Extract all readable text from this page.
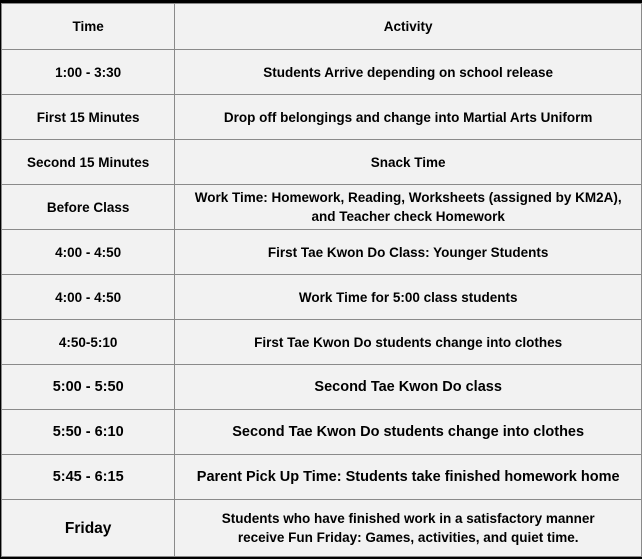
Time	Activity
1:00 - 3:30	Students Arrive depending on school release
First 15 Minutes	Drop off belongings and change into Martial Arts Uniform
Second 15 Minutes	Snack Time
Before Class	Work Time: Homework, Reading, Worksheets (assigned by KM2A),
and Teacher check Homework
4:00 - 4:50	First Tae Kwon Do Class: Younger Students
4:00 - 4:50	Work Time for 5:00 class students
4:50-5:10	First Tae Kwon Do students change into clothes
5:00 - 5:50	Second Tae Kwon Do class
5:50 - 6:10	Second Tae Kwon Do students change into clothes
5:45 - 6:15	Parent Pick Up Time: Students take finished homework home
Friday	Students who have finished work in a satisfactory manner
receive Fun Friday: Games, activities, and quiet time.
